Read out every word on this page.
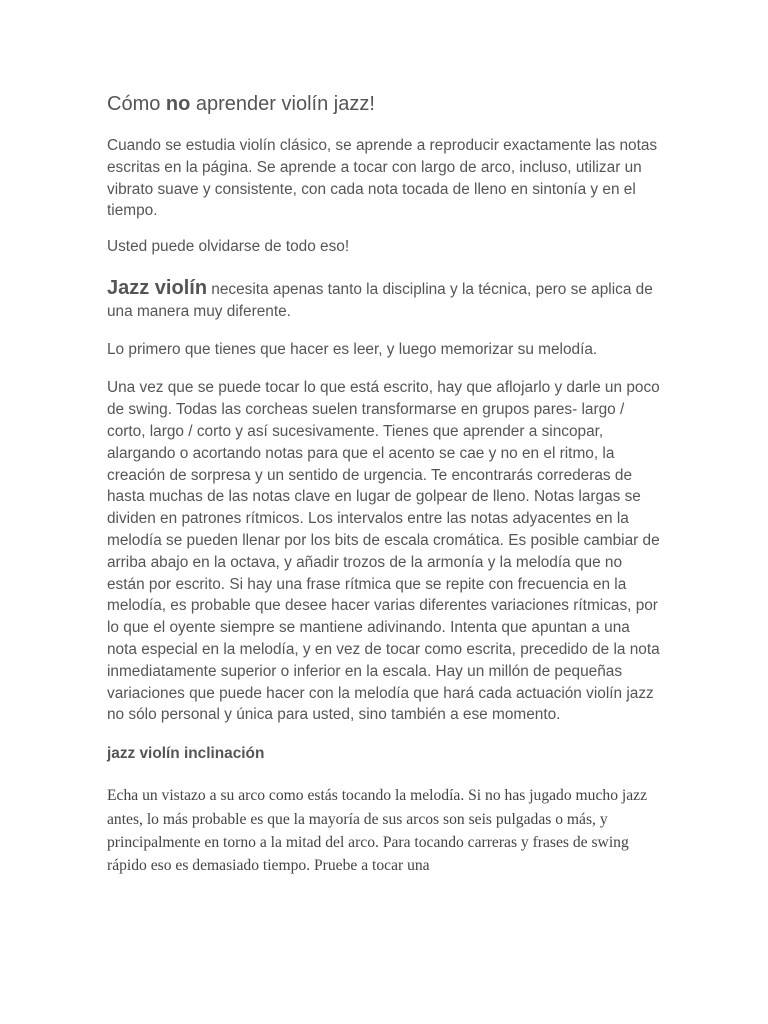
Cómo no aprender violín jazz!

Cuando se estudia violín clásico, se aprende a reproducir exactamente las notas escritas en la página. Se aprende a tocar con largo de arco, incluso, utilizar un vibrato suave y consistente, con cada nota tocada de lleno en sintonía y en el tiempo.

Usted puede olvidarse de todo eso!

Jazz violín necesita apenas tanto la disciplina y la técnica, pero se aplica de una manera muy diferente.

Lo primero que tienes que hacer es leer, y luego memorizar su melodía.

Una vez que se puede tocar lo que está escrito, hay que aflojarlo y darle un poco de swing. Todas las corcheas suelen transformarse en grupos pares- largo / corto, largo / corto y así sucesivamente. Tienes que aprender a sincopar, alargando o acortando notas para que el acento se cae y no en el ritmo, la creación de sorpresa y un sentido de urgencia. Te encontrarás correderas de hasta muchas de las notas clave en lugar de golpear de lleno. Notas largas se dividen en patrones rítmicos. Los intervalos entre las notas adyacentes en la melodía se pueden llenar por los bits de escala cromática. Es posible cambiar de arriba abajo en la octava, y añadir trozos de la armonía y la melodía que no están por escrito. Si hay una frase rítmica que se repite con frecuencia en la melodía, es probable que desee hacer varias diferentes variaciones rítmicas, por lo que el oyente siempre se mantiene adivinando. Intenta que apuntan a una nota especial en la melodía, y en vez de tocar como escrita, precedido de la nota inmediatamente superior o inferior en la escala. Hay un millón de pequeñas variaciones que puede hacer con la melodía que hará cada actuación violín jazz no sólo personal y única para usted, sino también a ese momento.

jazz violín inclinación

Echa un vistazo a su arco como estás tocando la melodía. Si no has jugado mucho jazz antes, lo más probable es que la mayoría de sus arcos son seis pulgadas o más, y principalmente en torno a la mitad del arco. Para tocando carreras y frases de swing rápido eso es demasiado tiempo. Pruebe a tocar una
